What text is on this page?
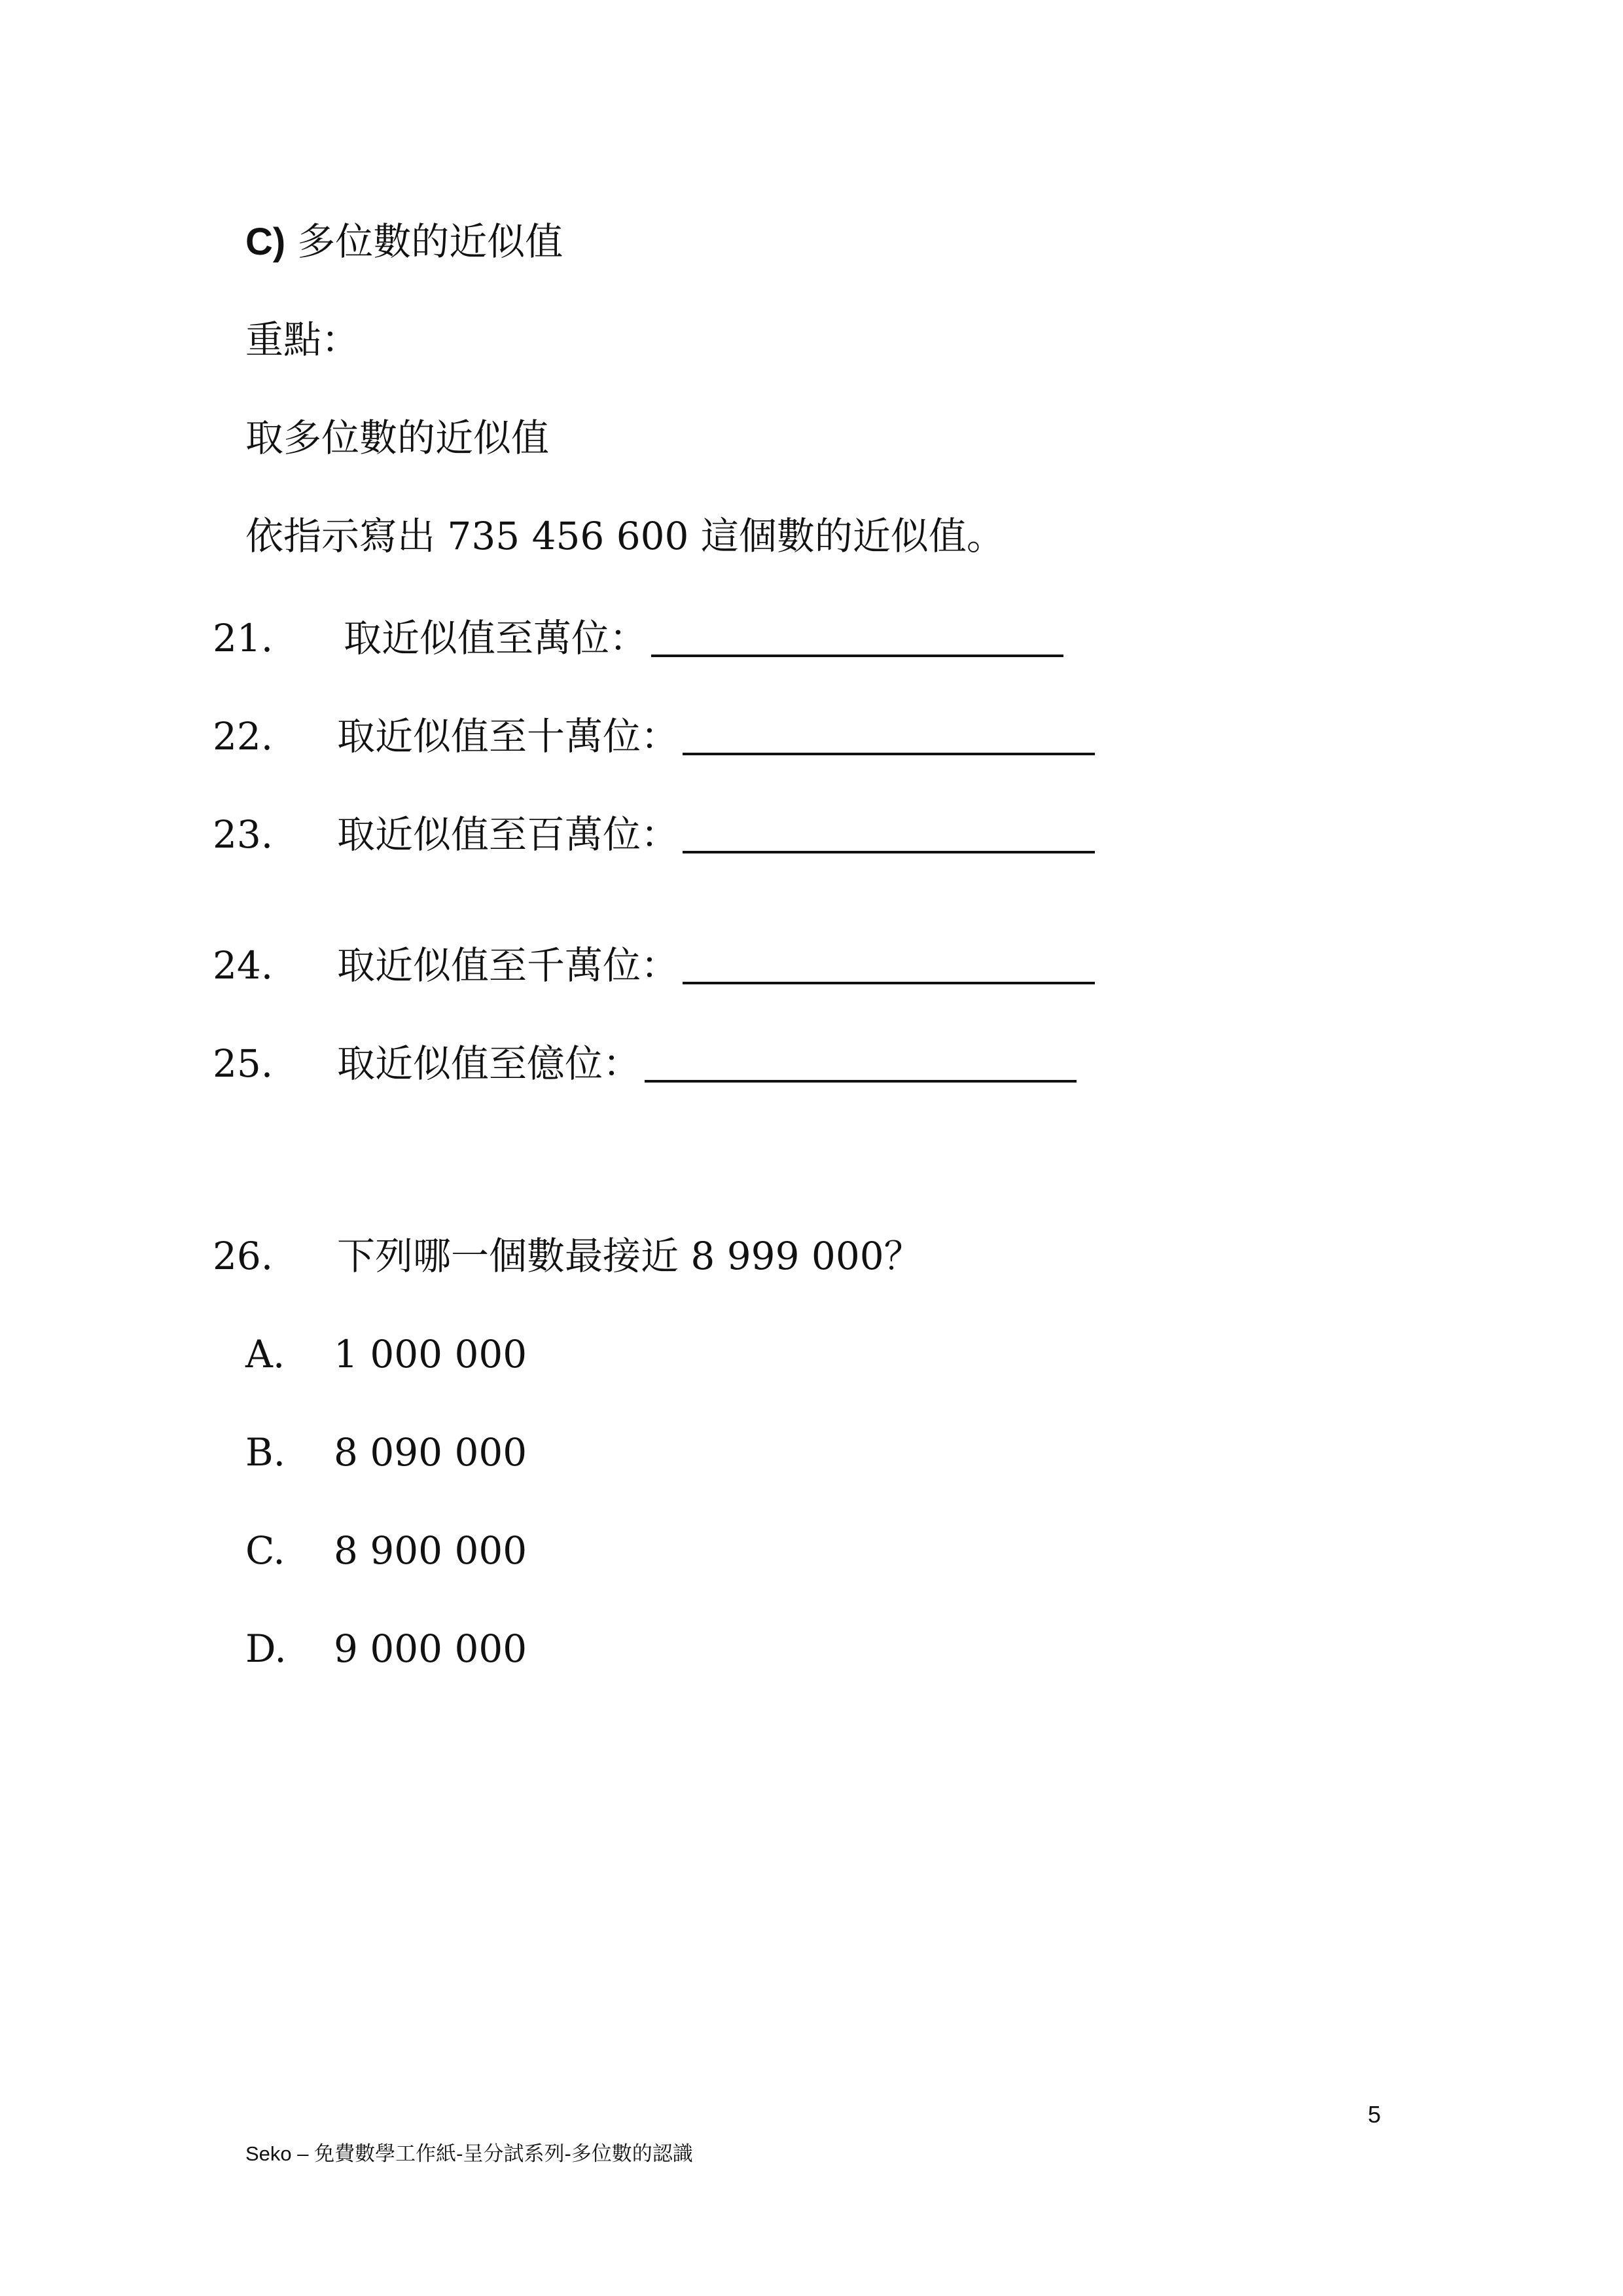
C) 多位數的近似值
重點：
取多位數的近似值
依指示寫出 735 456 600 這個數的近似值。
21. 取近似值至萬位：
22. 取近似值至十萬位：
23. 取近似值至百萬位：
24. 取近似值至千萬位：
25. 取近似值至億位：
26. 下列哪一個數最接近 8 999 000？
A. 1 000 000
B. 8 090 000
C. 8 900 000
D. 9 000 000
5
Seko – 免費數學工作紙-呈分試系列-多位數的認識
